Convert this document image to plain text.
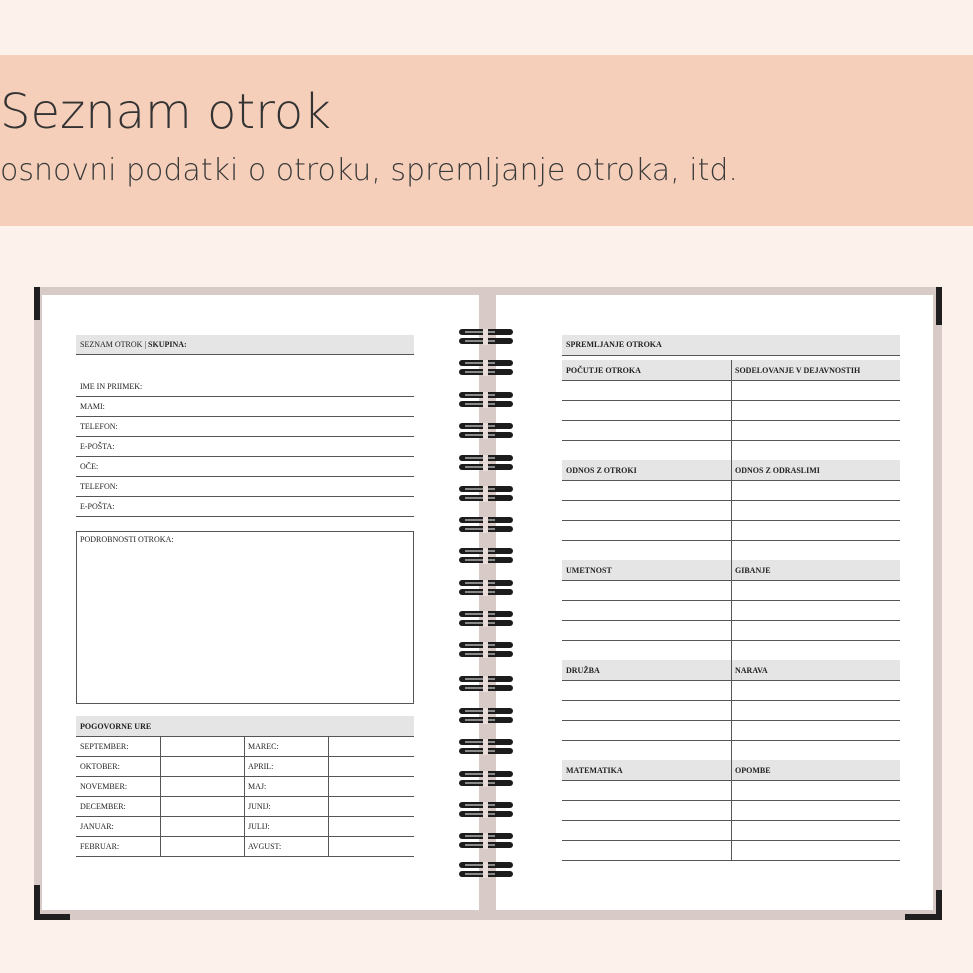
Seznam otrok
osnovni podatki o otroku, spremljanje otroka, itd.
SEZNAM OTROK | SKUPINA:
IME IN PRIIMEK:
MAMI:
TELEFON:
E-POŠTA:
OČE:
TELEFON:
E-POŠTA:
PODROBNOSTI OTROKA:
POGOVORNE URE
SEPTEMBER:	MAREC:
OKTOBER:	APRIL:
NOVEMBER:	MAJ:
DECEMBER:	JUNIJ:
JANUAR:	JULIJ:
FEBRUAR:	AVGUST:
SPREMLJANJE OTROKA
POČUTJE OTROKA	SODELOVANJE V DEJAVNOSTIH
ODNOS Z OTROKI	ODNOS Z ODRASLIMI
UMETNOST	GIBANJE
DRUŽBA	NARAVA
MATEMATIKA	OPOMBE
